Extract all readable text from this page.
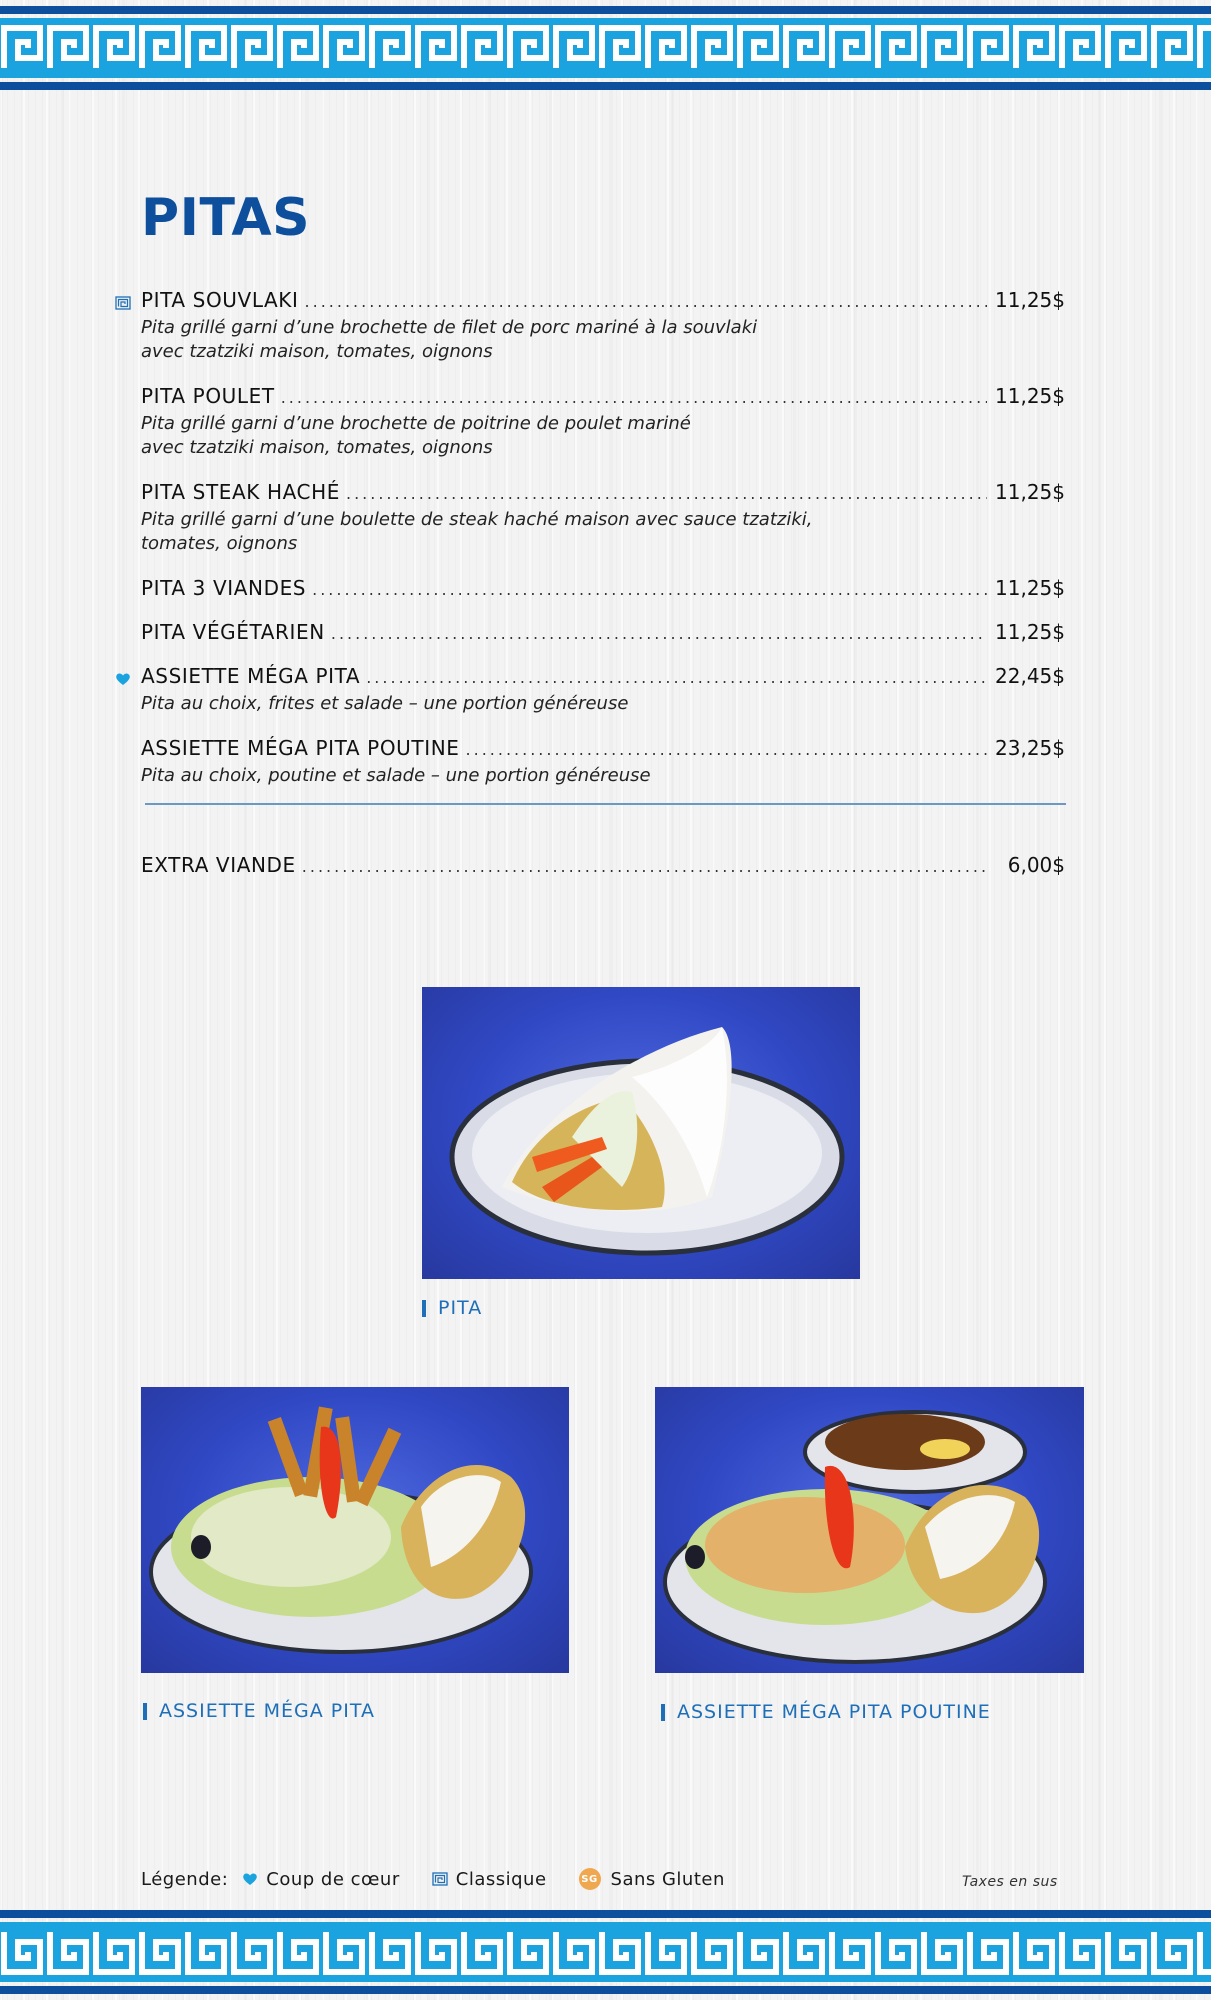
PITAS
PITA SOUVLAKI .....	11,25$
Pita grillé garni d’une brochette de filet de porc mariné à la souvlaki
avec tzatziki maison, tomates, oignons
PITA POULET .....	11,25$
Pita grillé garni d’une brochette de poitrine de poulet mariné
avec tzatziki maison, tomates, oignons
PITA STEAK HACHÉ .....	11,25$
Pita grillé garni d’une boulette de steak haché maison avec sauce tzatziki,
tomates, oignons
PITA 3 VIANDES .....	11,25$
PITA VÉGÉTARIEN .....	11,25$
ASSIETTE MÉGA PITA .....	22,45$
Pita au choix, frites et salade – une portion généreuse
ASSIETTE MÉGA PITA POUTINE .....	23,25$
Pita au choix, poutine et salade – une portion généreuse
EXTRA VIANDE .....	6,00$
PITA
ASSIETTE MÉGA PITA	ASSIETTE MÉGA PITA POUTINE
Légende: Coup de cœur	Classique	SG Sans Gluten	Taxes en sus
